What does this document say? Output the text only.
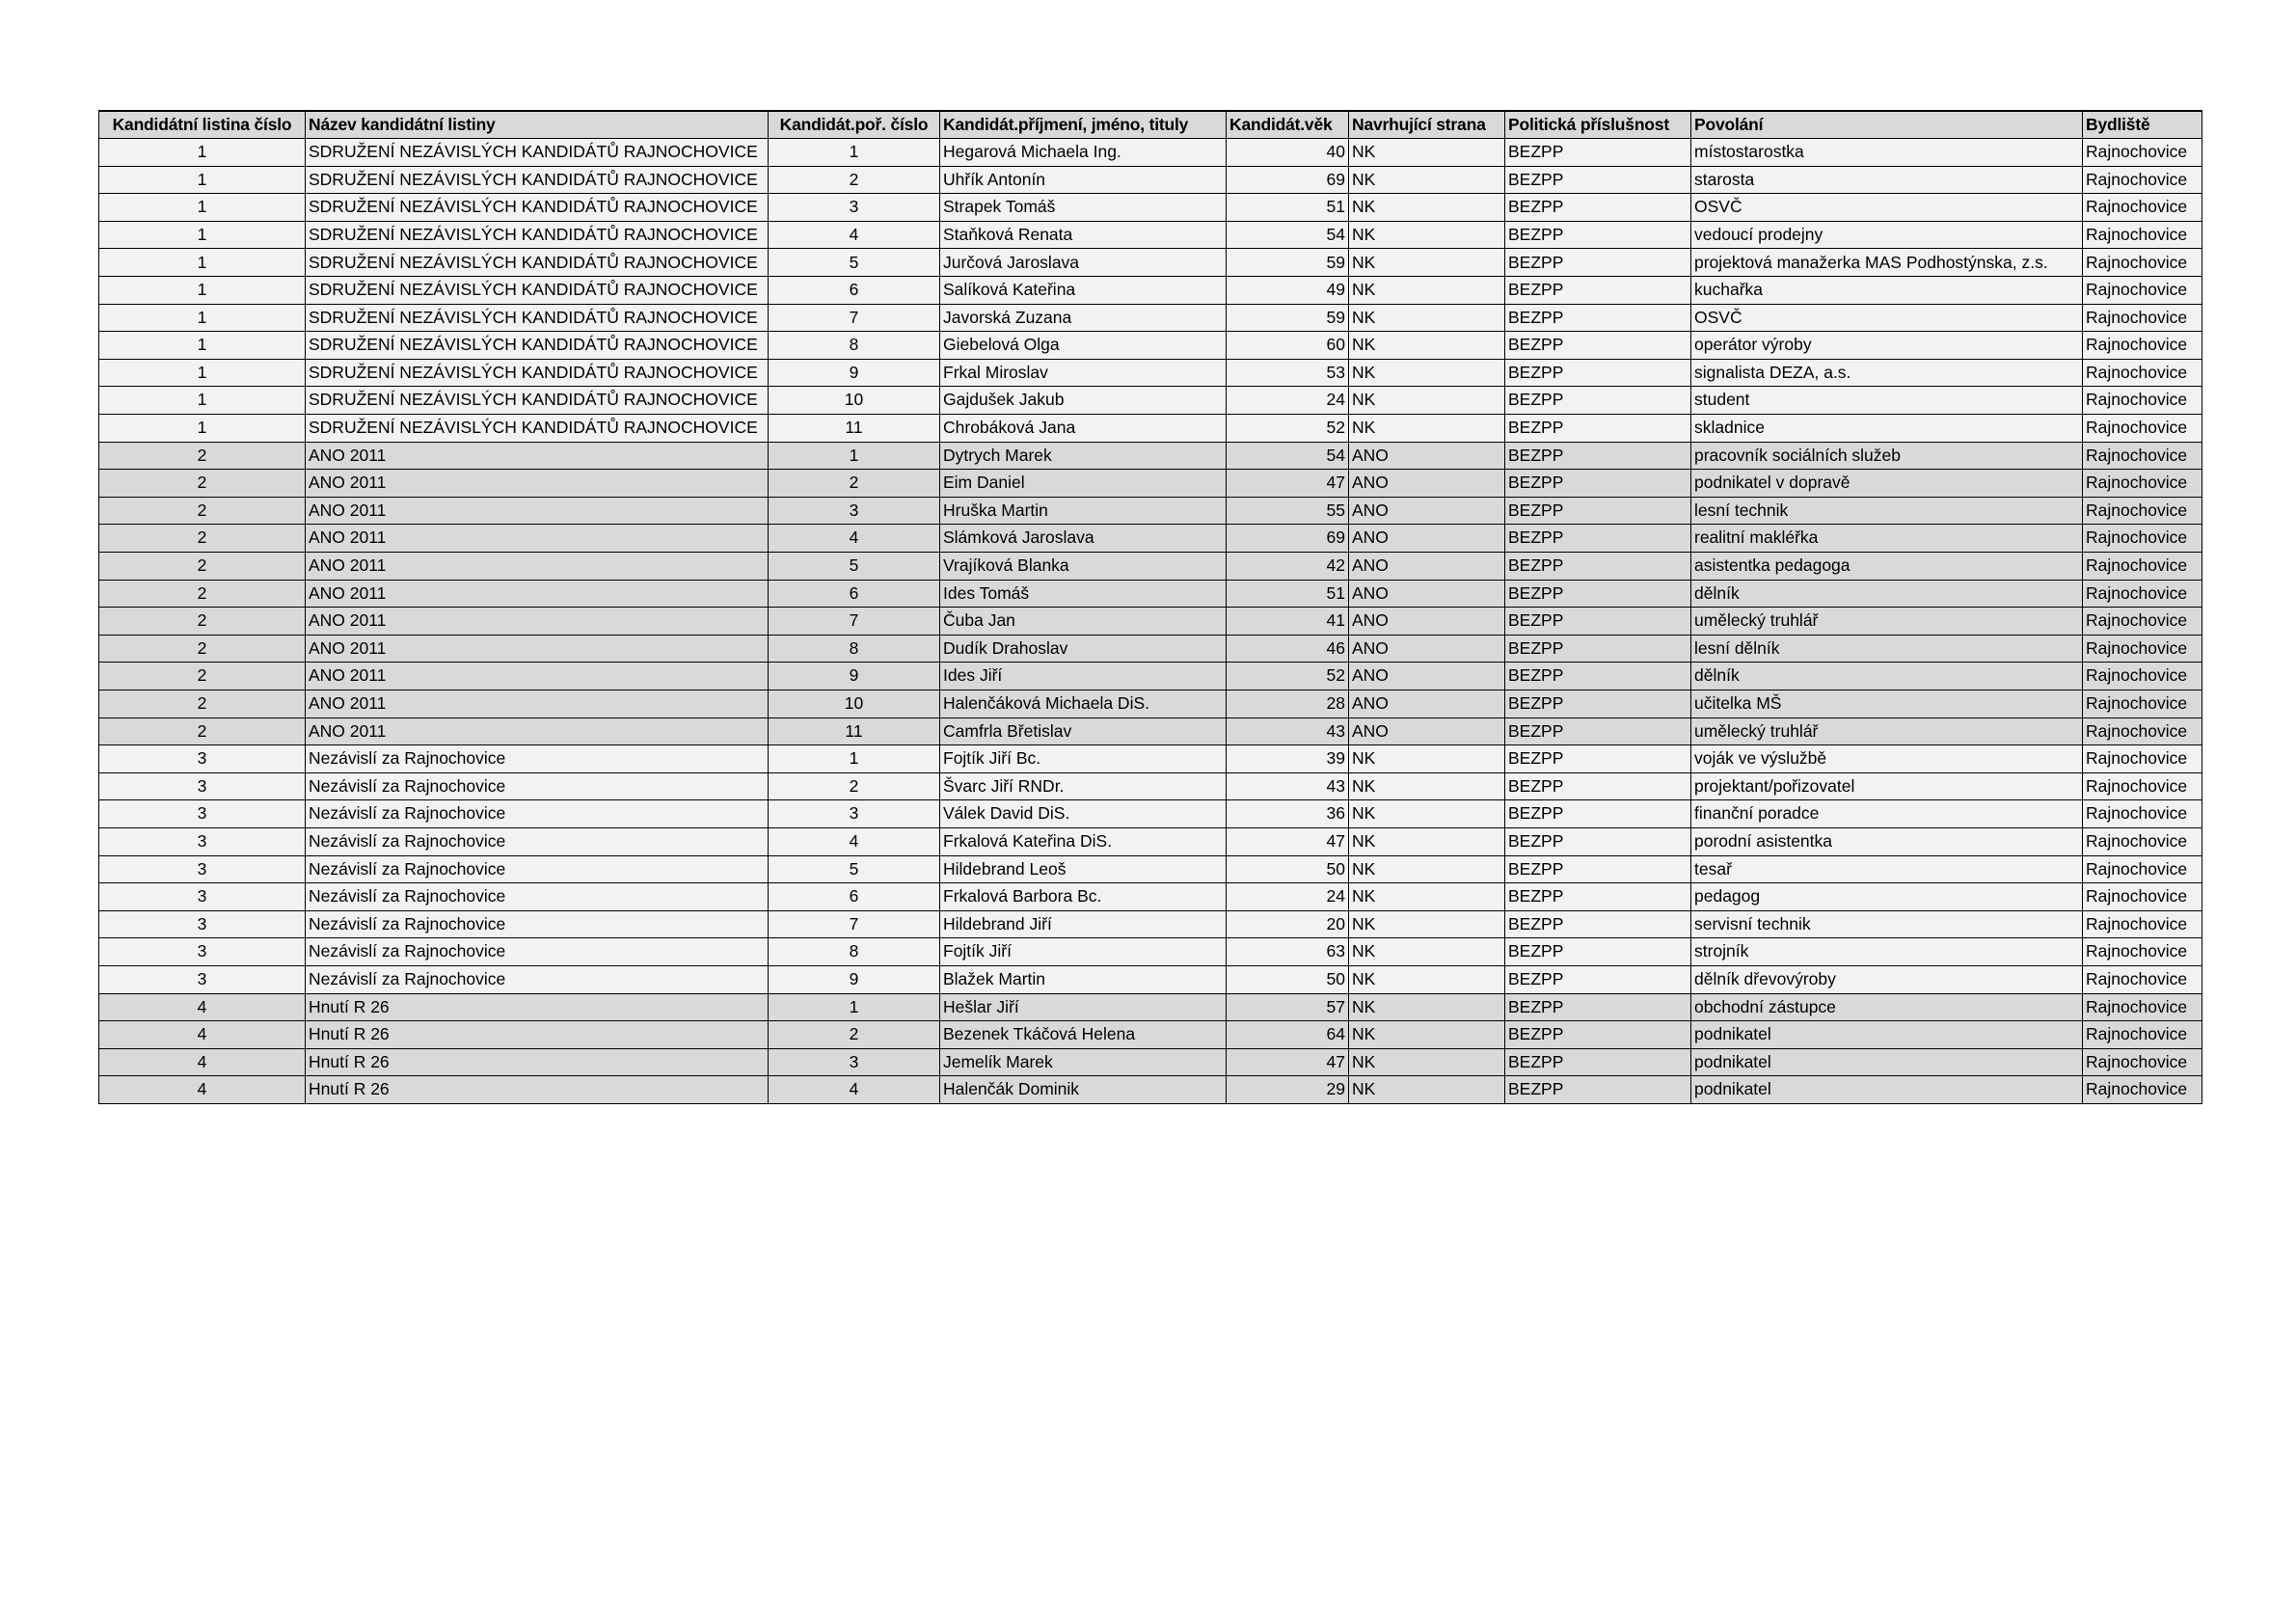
Kandidátní listina číslo	Název kandidátní listiny	Kandidát.poř. číslo	Kandidát.příjmení, jméno, tituly	Kandidát.věk	Navrhující strana	Politická příslušnost	Povolání	Bydliště
1	SDRUŽENÍ NEZÁVISLÝCH KANDIDÁTŮ RAJNOCHOVICE	1	Hegarová Michaela Ing.	40	NK	BEZPP	místostarostka	Rajnochovice
1	SDRUŽENÍ NEZÁVISLÝCH KANDIDÁTŮ RAJNOCHOVICE	2	Uhřík Antonín	69	NK	BEZPP	starosta	Rajnochovice
1	SDRUŽENÍ NEZÁVISLÝCH KANDIDÁTŮ RAJNOCHOVICE	3	Strapek Tomáš	51	NK	BEZPP	OSVČ	Rajnochovice
1	SDRUŽENÍ NEZÁVISLÝCH KANDIDÁTŮ RAJNOCHOVICE	4	Staňková Renata	54	NK	BEZPP	vedoucí prodejny	Rajnochovice
1	SDRUŽENÍ NEZÁVISLÝCH KANDIDÁTŮ RAJNOCHOVICE	5	Jurčová Jaroslava	59	NK	BEZPP	projektová manažerka MAS Podhostýnska, z.s.	Rajnochovice
1	SDRUŽENÍ NEZÁVISLÝCH KANDIDÁTŮ RAJNOCHOVICE	6	Salíková Kateřina	49	NK	BEZPP	kuchařka	Rajnochovice
1	SDRUŽENÍ NEZÁVISLÝCH KANDIDÁTŮ RAJNOCHOVICE	7	Javorská Zuzana	59	NK	BEZPP	OSVČ	Rajnochovice
1	SDRUŽENÍ NEZÁVISLÝCH KANDIDÁTŮ RAJNOCHOVICE	8	Giebelová Olga	60	NK	BEZPP	operátor výroby	Rajnochovice
1	SDRUŽENÍ NEZÁVISLÝCH KANDIDÁTŮ RAJNOCHOVICE	9	Frkal Miroslav	53	NK	BEZPP	signalista DEZA, a.s.	Rajnochovice
1	SDRUŽENÍ NEZÁVISLÝCH KANDIDÁTŮ RAJNOCHOVICE	10	Gajdušek Jakub	24	NK	BEZPP	student	Rajnochovice
1	SDRUŽENÍ NEZÁVISLÝCH KANDIDÁTŮ RAJNOCHOVICE	11	Chrobáková Jana	52	NK	BEZPP	skladnice	Rajnochovice
2	ANO 2011	1	Dytrych Marek	54	ANO	BEZPP	pracovník sociálních služeb	Rajnochovice
2	ANO 2011	2	Eim Daniel	47	ANO	BEZPP	podnikatel v dopravě	Rajnochovice
2	ANO 2011	3	Hruška Martin	55	ANO	BEZPP	lesní technik	Rajnochovice
2	ANO 2011	4	Slámková Jaroslava	69	ANO	BEZPP	realitní makléřka	Rajnochovice
2	ANO 2011	5	Vrajíková Blanka	42	ANO	BEZPP	asistentka pedagoga	Rajnochovice
2	ANO 2011	6	Ides Tomáš	51	ANO	BEZPP	dělník	Rajnochovice
2	ANO 2011	7	Čuba Jan	41	ANO	BEZPP	umělecký truhlář	Rajnochovice
2	ANO 2011	8	Dudík Drahoslav	46	ANO	BEZPP	lesní dělník	Rajnochovice
2	ANO 2011	9	Ides Jiří	52	ANO	BEZPP	dělník	Rajnochovice
2	ANO 2011	10	Halenčáková Michaela DiS.	28	ANO	BEZPP	učitelka MŠ	Rajnochovice
2	ANO 2011	11	Camfrla Břetislav	43	ANO	BEZPP	umělecký truhlář	Rajnochovice
3	Nezávislí za Rajnochovice	1	Fojtík Jiří Bc.	39	NK	BEZPP	voják ve výslužbě	Rajnochovice
3	Nezávislí za Rajnochovice	2	Švarc Jiří RNDr.	43	NK	BEZPP	projektant/pořizovatel	Rajnochovice
3	Nezávislí za Rajnochovice	3	Válek David DiS.	36	NK	BEZPP	finanční poradce	Rajnochovice
3	Nezávislí za Rajnochovice	4	Frkalová Kateřina DiS.	47	NK	BEZPP	porodní asistentka	Rajnochovice
3	Nezávislí za Rajnochovice	5	Hildebrand Leoš	50	NK	BEZPP	tesař	Rajnochovice
3	Nezávislí za Rajnochovice	6	Frkalová Barbora Bc.	24	NK	BEZPP	pedagog	Rajnochovice
3	Nezávislí za Rajnochovice	7	Hildebrand Jiří	20	NK	BEZPP	servisní technik	Rajnochovice
3	Nezávislí za Rajnochovice	8	Fojtík Jiří	63	NK	BEZPP	strojník	Rajnochovice
3	Nezávislí za Rajnochovice	9	Blažek Martin	50	NK	BEZPP	dělník dřevovýroby	Rajnochovice
4	Hnutí R 26	1	Hešlar Jiří	57	NK	BEZPP	obchodní zástupce	Rajnochovice
4	Hnutí R 26	2	Bezenek Tkáčová Helena	64	NK	BEZPP	podnikatel	Rajnochovice
4	Hnutí R 26	3	Jemelík Marek	47	NK	BEZPP	podnikatel	Rajnochovice
4	Hnutí R 26	4	Halenčák Dominik	29	NK	BEZPP	podnikatel	Rajnochovice
